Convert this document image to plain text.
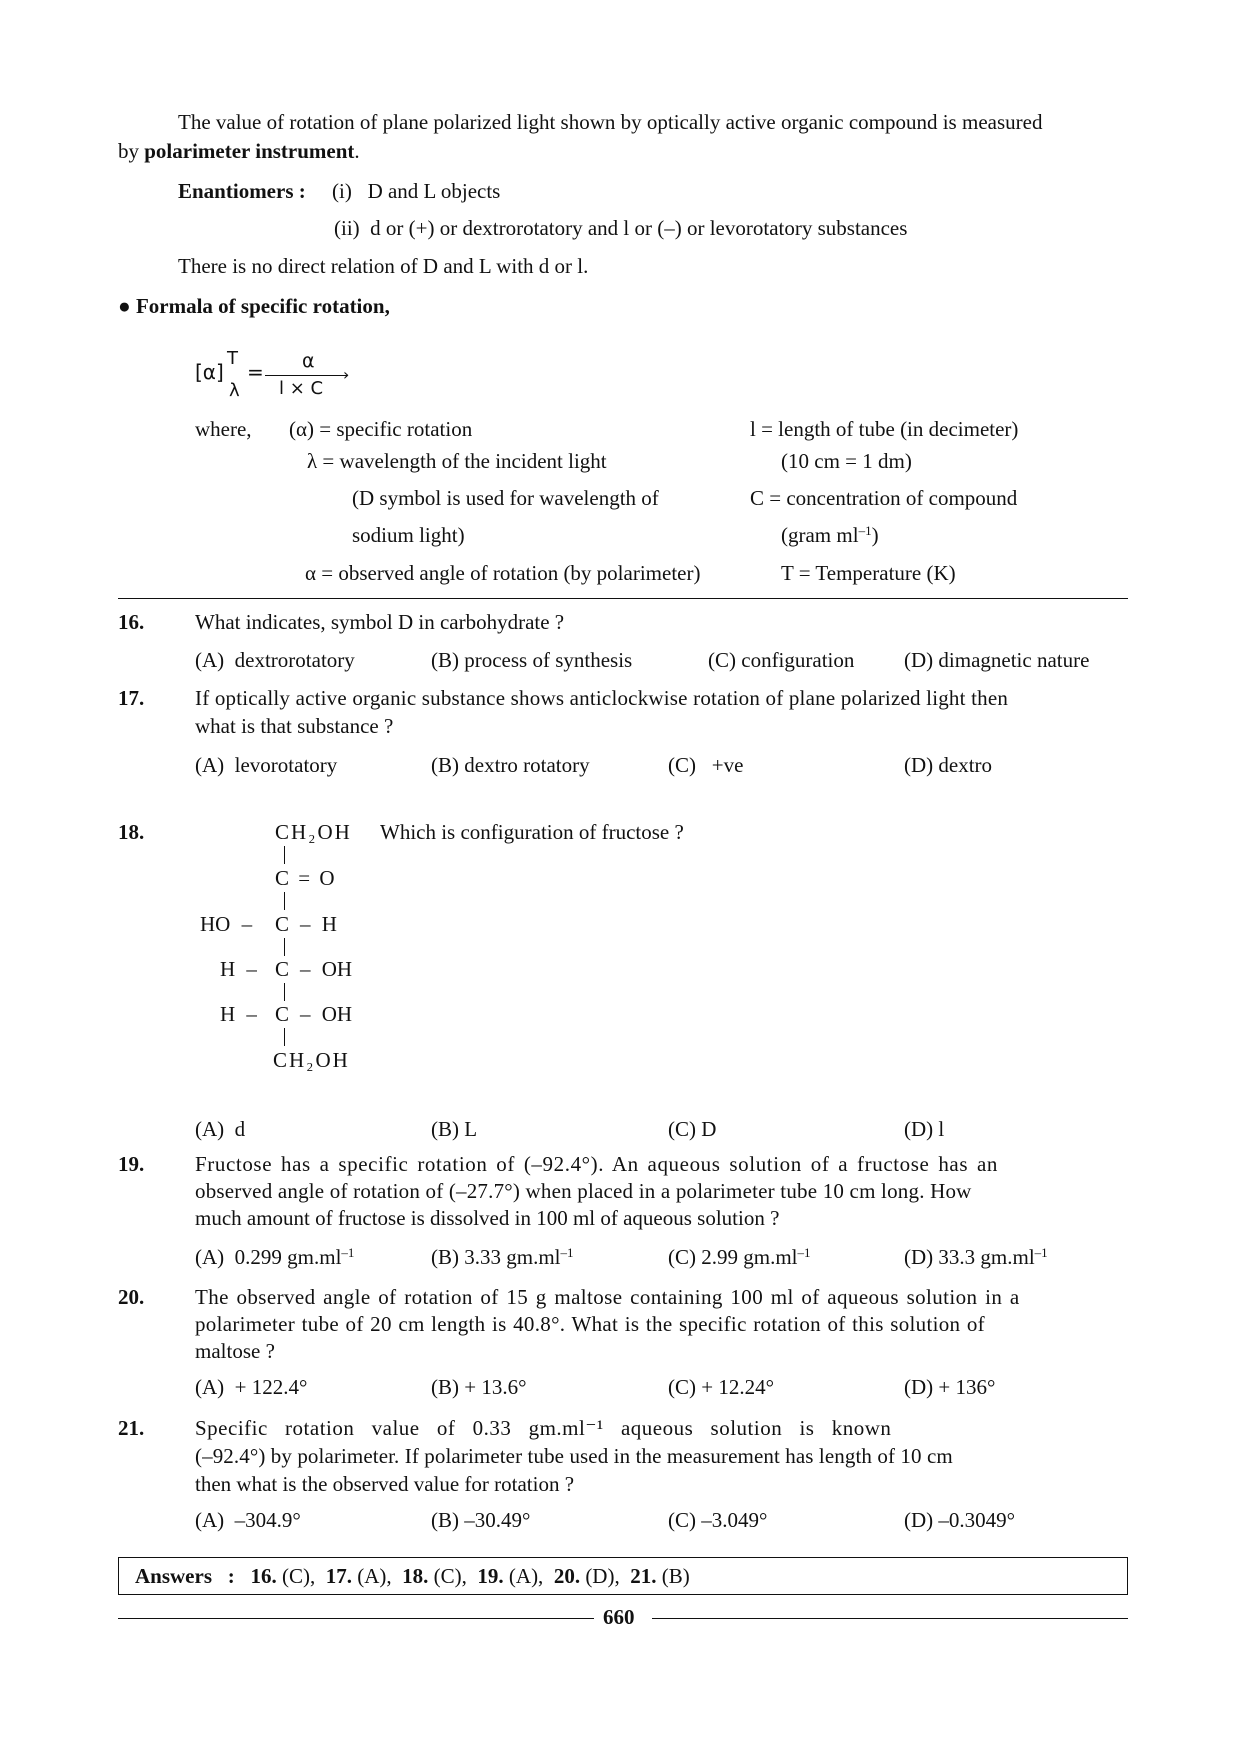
The value of rotation of plane polarized light shown by optically active organic compound is measured
by polarimeter instrument.
Enantiomers : (i)   D and L objects
(ii)  d or (+) or dextrorotatory and l or (–) or levorotatory substances
There is no direct relation of D and L with d or l.
● Formala of specific rotation,
[α]
T
λ
= α
›
l × C
where, (α) = specific rotation
λ = wavelength of the incident light
(D symbol is used for wavelength of
sodium light)
α = observed angle of rotation (by polarimeter)
l = length of tube (in decimeter)
(10 cm = 1 dm)
C = concentration of compound
(gram $ml^{-1}$)
T = Temperature (K)
16. What indicates, symbol D in carbohydrate ?
(A)  dextrorotatory	(B) process of synthesis	(C) configuration (D) dimagnetic nature
17. If optically active organic substance shows anticlockwise rotation of plane polarized light then
what is that substance ?
(A)  levorotatory	(B) dextro rotatory	(C)   +ve	(D) dextro
18.	Which is configuration of fructose ?
CH₂OH
C = O
HO – C – H
H – C – OH
H – C – OH
CH₂OH
(A)  d	(B) L	(C) D	(D) l
19. Fructose has a specific rotation of (–92.4°). An aqueous solution of a fructose has an
observed angle of rotation of (–27.7°) when placed in a polarimeter tube 10 cm long. How
much amount of fructose is dissolved in 100 ml of aqueous solution ?
(A)  0.299 $gm.ml^{-1}$	(B) 3.33 $gm.ml^{-1}$	(C) 2.99 $gm.ml^{-1}$	(D) 33.3 $gm.ml^{-1}$
20. The observed angle of rotation of 15 g maltose containing 100 ml of aqueous solution in a
polarimeter tube of 20 cm length is 40.8°. What is the specific rotation of this solution of
maltose ?
(A)  + 122.4°	(B) + 13.6°	(C) + 12.24°	(D) + 136°
21. Specific   rotation   value   of   0.33   gm.ml⁻¹   aqueous   solution   is   known
(–92.4°) by polarimeter. If polarimeter tube used in the measurement has length of 10 cm
then what is the observed value for rotation ?
(A)  –304.9°	(B) –30.49°	(C) –3.049°	(D) –0.3049°
Answers   : 16. (C), 17. (A), 18. (C), 19. (A), 20. (D), 21. (B)
660
